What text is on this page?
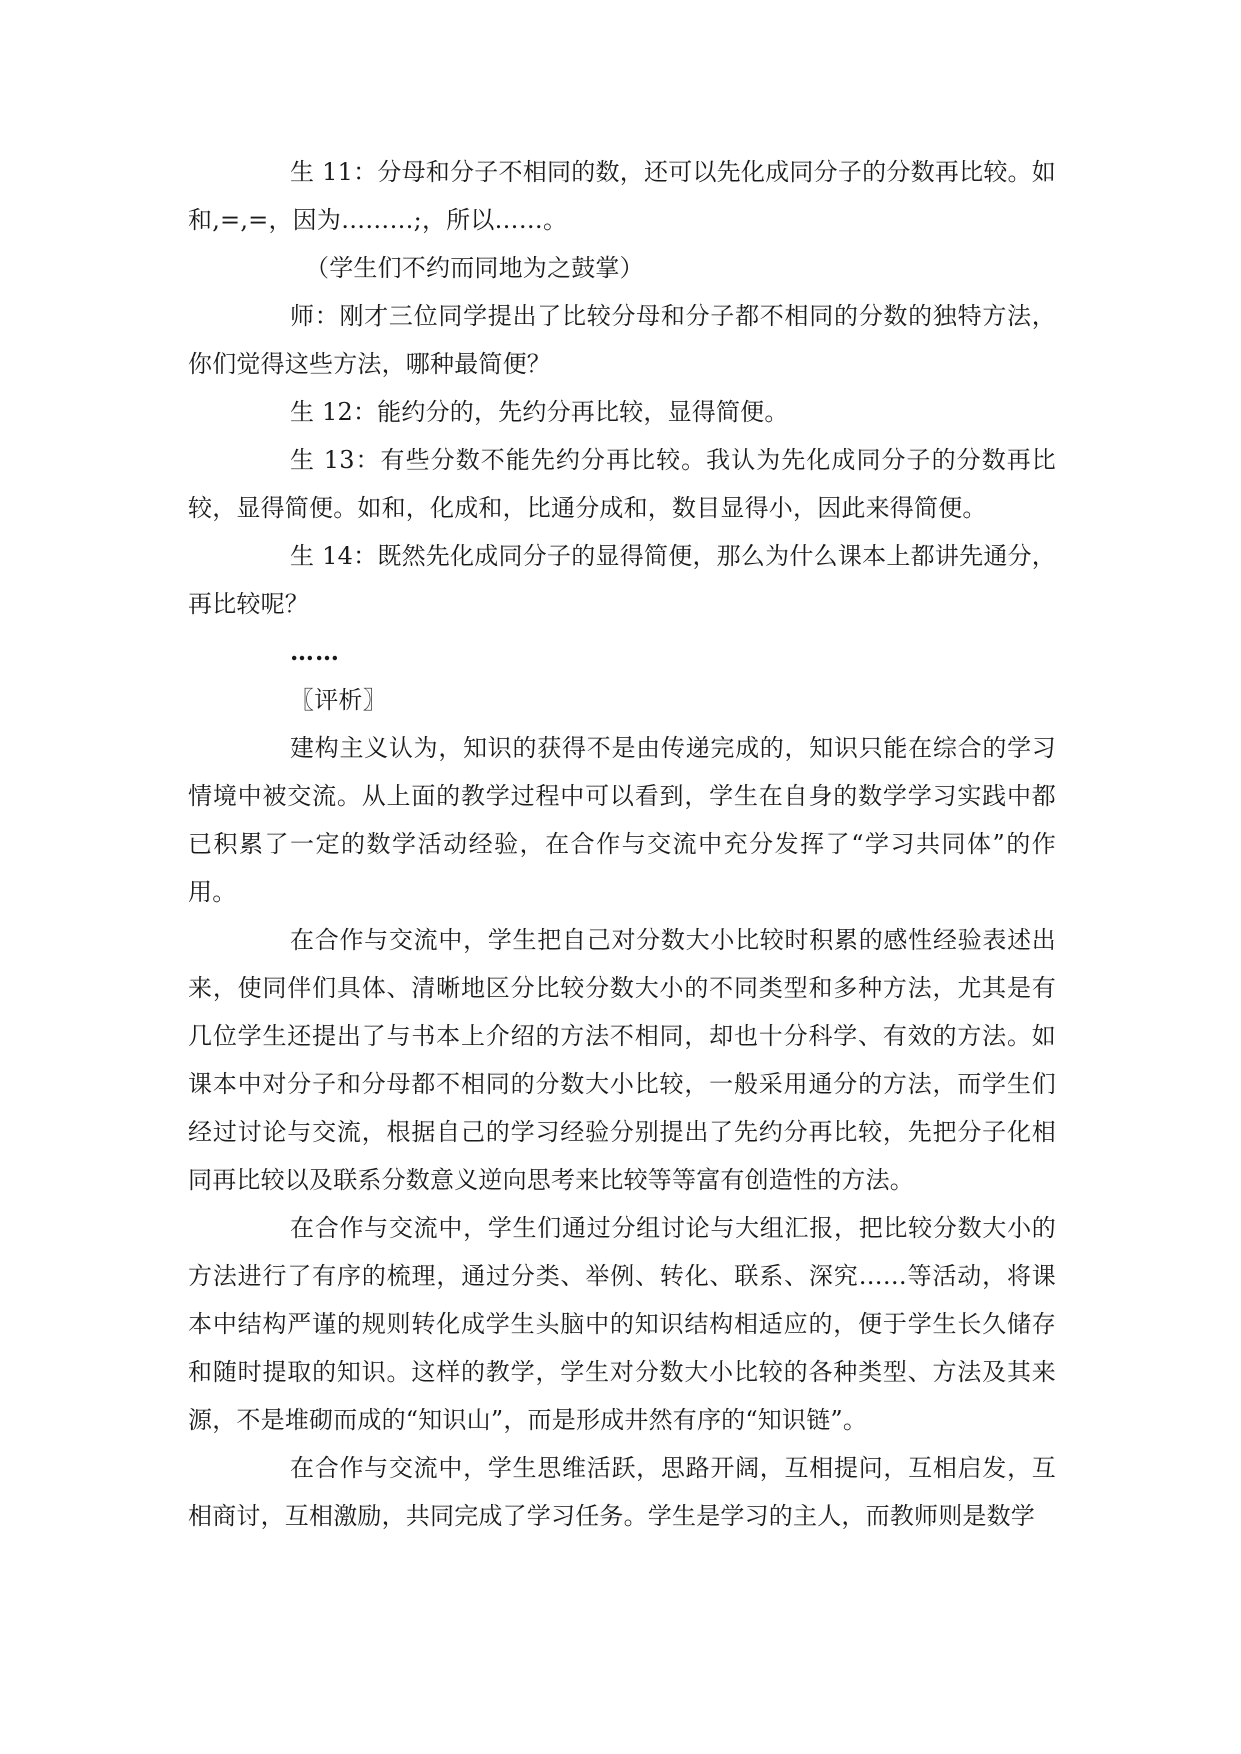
生 11：分母和分子不相同的数，还可以先化成同分子的分数再比较。如和,=,=，因为………;，所以……。

（学生们不约而同地为之鼓掌）

师：刚才三位同学提出了比较分母和分子都不相同的分数的独特方法，你们觉得这些方法，哪种最简便？

生 12：能约分的，先约分再比较，显得简便。

生 13：有些分数不能先约分再比较。我认为先化成同分子的分数再比较，显得简便。如和，化成和，比通分成和，数目显得小，因此来得简便。

生 14：既然先化成同分子的显得简便，那么为什么课本上都讲先通分，再比较呢？

……

〖评析〗

建构主义认为，知识的获得不是由传递完成的，知识只能在综合的学习情境中被交流。从上面的教学过程中可以看到，学生在自身的数学学习实践中都已积累了一定的数学活动经验，在合作与交流中充分发挥了“学习共同体”的作用。

在合作与交流中，学生把自己对分数大小比较时积累的感性经验表述出来，使同伴们具体、清晰地区分比较分数大小的不同类型和多种方法，尤其是有几位学生还提出了与书本上介绍的方法不相同，却也十分科学、有效的方法。如课本中对分子和分母都不相同的分数大小比较，一般采用通分的方法，而学生们经过讨论与交流，根据自己的学习经验分别提出了先约分再比较，先把分子化相同再比较以及联系分数意义逆向思考来比较等等富有创造性的方法。

在合作与交流中，学生们通过分组讨论与大组汇报，把比较分数大小的方法进行了有序的梳理，通过分类、举例、转化、联系、深究……等活动，将课本中结构严谨的规则转化成学生头脑中的知识结构相适应的，便于学生长久储存和随时提取的知识。这样的教学，学生对分数大小比较的各种类型、方法及其来源，不是堆砌而成的“知识山”，而是形成井然有序的“知识链”。

在合作与交流中，学生思维活跃，思路开阔，互相提问，互相启发，互相商讨，互相激励，共同完成了学习任务。学生是学习的主人，而教师则是数学
